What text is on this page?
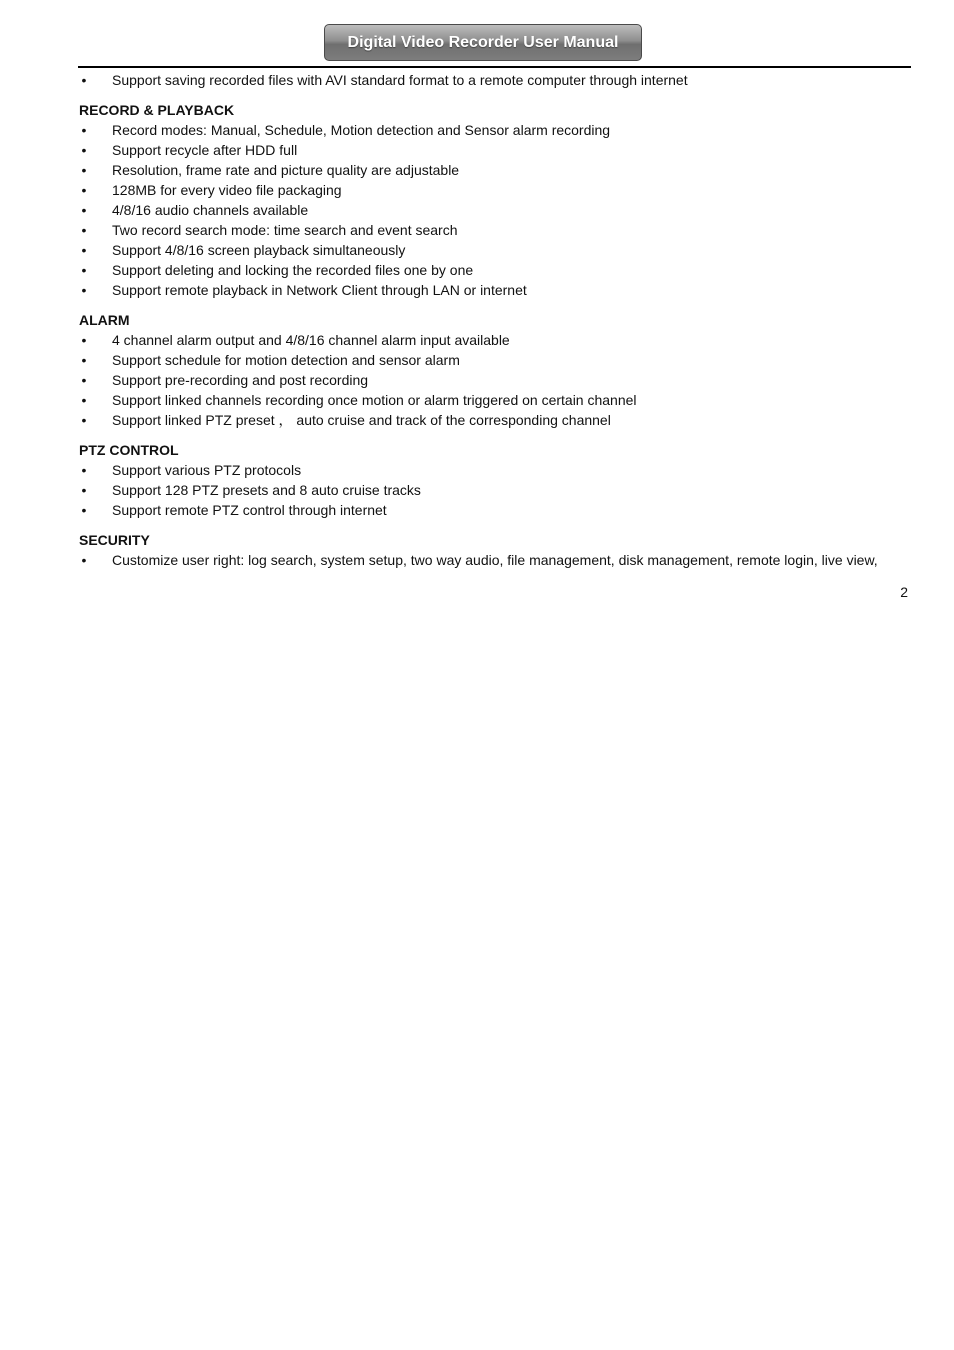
Digital Video Recorder User Manual
• Support saving recorded files with AVI standard format to a remote computer through internet
RECORD & PLAYBACK
• Record modes: Manual, Schedule, Motion detection and Sensor alarm recording
• Support recycle after HDD full
• Resolution, frame rate and picture quality are adjustable
• 128MB for every video file packaging
• 4/8/16 audio channels available
• Two record search mode: time search and event search
• Support 4/8/16 screen playback simultaneously
• Support deleting and locking the recorded files one by one
• Support remote playback in Network Client through LAN or internet
ALARM
• 4 channel alarm output and 4/8/16 channel alarm input available
• Support schedule for motion detection and sensor alarm
• Support pre-recording and post recording
• Support linked channels recording once motion or alarm triggered on certain channel
• Support linked PTZ preset ， auto cruise and track of the corresponding channel
PTZ CONTROL
• Support various PTZ protocols
• Support 128 PTZ presets and 8 auto cruise tracks
• Support remote PTZ control through internet
SECURITY
• Customize user right: log search, system setup, two way audio, file management, disk management, remote login, live view,
2
